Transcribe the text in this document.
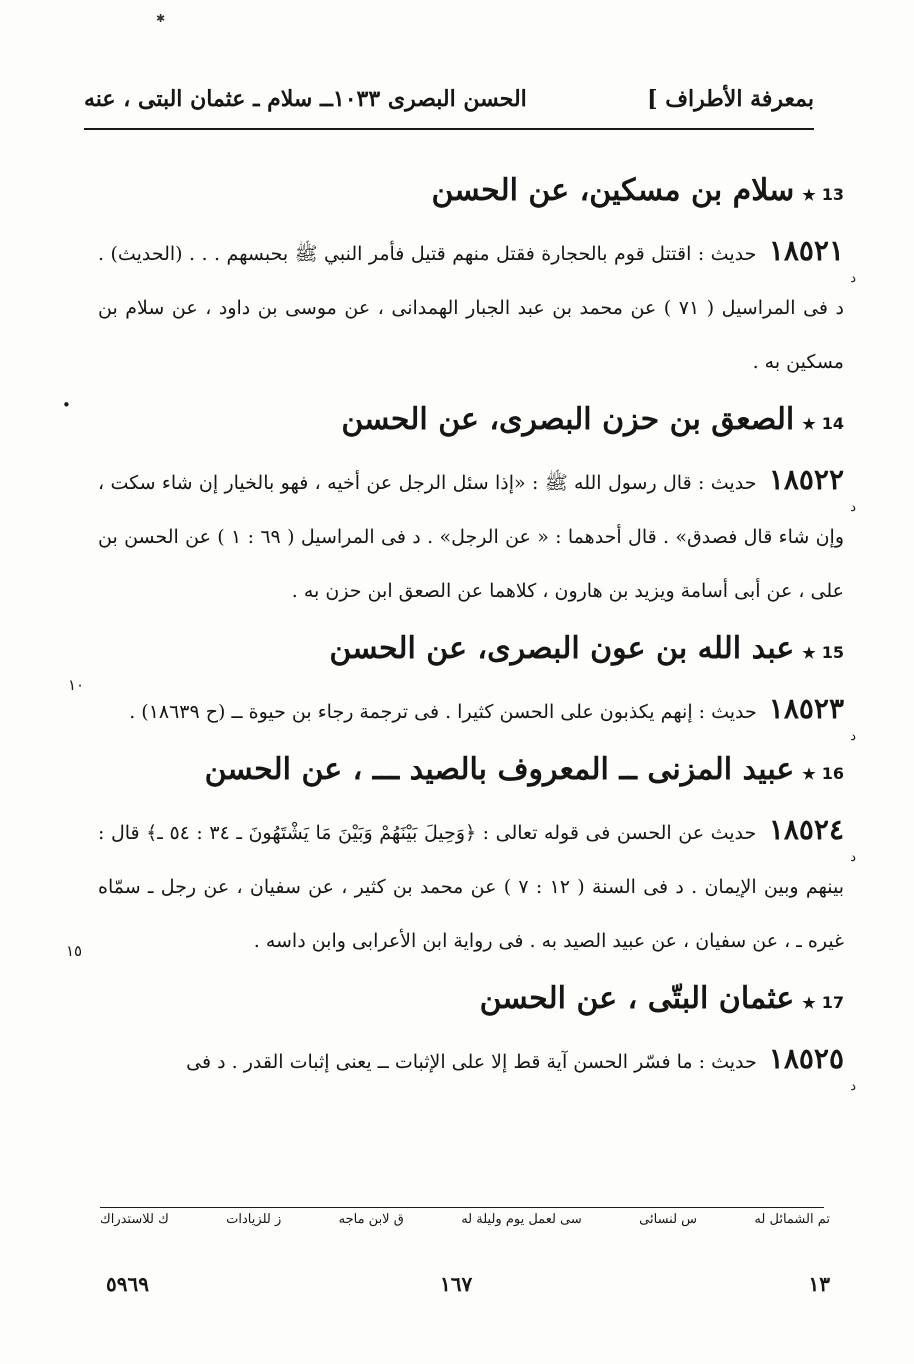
✱
بمعرفة الأطراف ]
الحسن البصرى ١٠٣٣ــ سلام ـ عثمان البتى ، عنه
•
١٠
١٥
13★سلام بن مسكين، عن الحسن
د
١٨٥٢١ حديث : اقتتل قوم بالحجارة فقتل منهم قتيل فأمر النبي ﷺ بحبسهم . . . (الحديث) . د فى المراسيل ( ٧١ ) عن محمد بن عبد الجبار الهمدانى ، عن موسى بن داود ، عن سلام بن مسكين به .
14★الصعق بن حزن البصرى، عن الحسن
د
١٨٥٢٢ حديث : قال رسول الله ﷺ : «إذا سئل الرجل عن أخيه ، فهو بالخيار إن شاء سكت ، وإن شاء قال فصدق» . قال أحدهما : « عن الرجل» . د فى المراسيل ( ٦٩ : ١ ) عن الحسن بن على ، عن أبى أسامة ويزيد بن هارون ، كلاهما عن الصعق ابن حزن به .
15★عبد الله بن عون البصرى، عن الحسن
د
١٨٥٢٣ حديث : إنهم يكذبون على الحسن كثيرا . فى ترجمة رجاء بن حيوة ــ (ح ١٨٦٣٩) .
16★عبيد المزنى ــ المعروف بالصيد ـــ ، عن الحسن
د
١٨٥٢٤ حديث عن الحسن فى قوله تعالى : ﴿وَحِيلَ بَيْنَهُمْ وَبَيْنَ مَا يَشْتَهُونَ ـ ٣٤ : ٥٤ ـ﴾ قال : بينهم وبين الإيمان . د فى السنة ( ١٢ : ٧ ) عن محمد بن كثير ، عن سفيان ، عن رجل ـ سمّاه غيره ـ ، عن سفيان ، عن عبيد الصيد به . فى رواية ابن الأعرابى وابن داسه .
17★عثمان البتّى ، عن الحسن
د
١٨٥٢٥ حديث : ما فسّر الحسن آية قط إلا على الإثبات ــ يعنى إثبات القدر . د فى
تم الشمائل له
س لنسائى
سى لعمل يوم وليلة له
ق لابن ماجه
ز للزيادات
ك للاستدراك
١٣
١٦٧
٥٩٦٩
